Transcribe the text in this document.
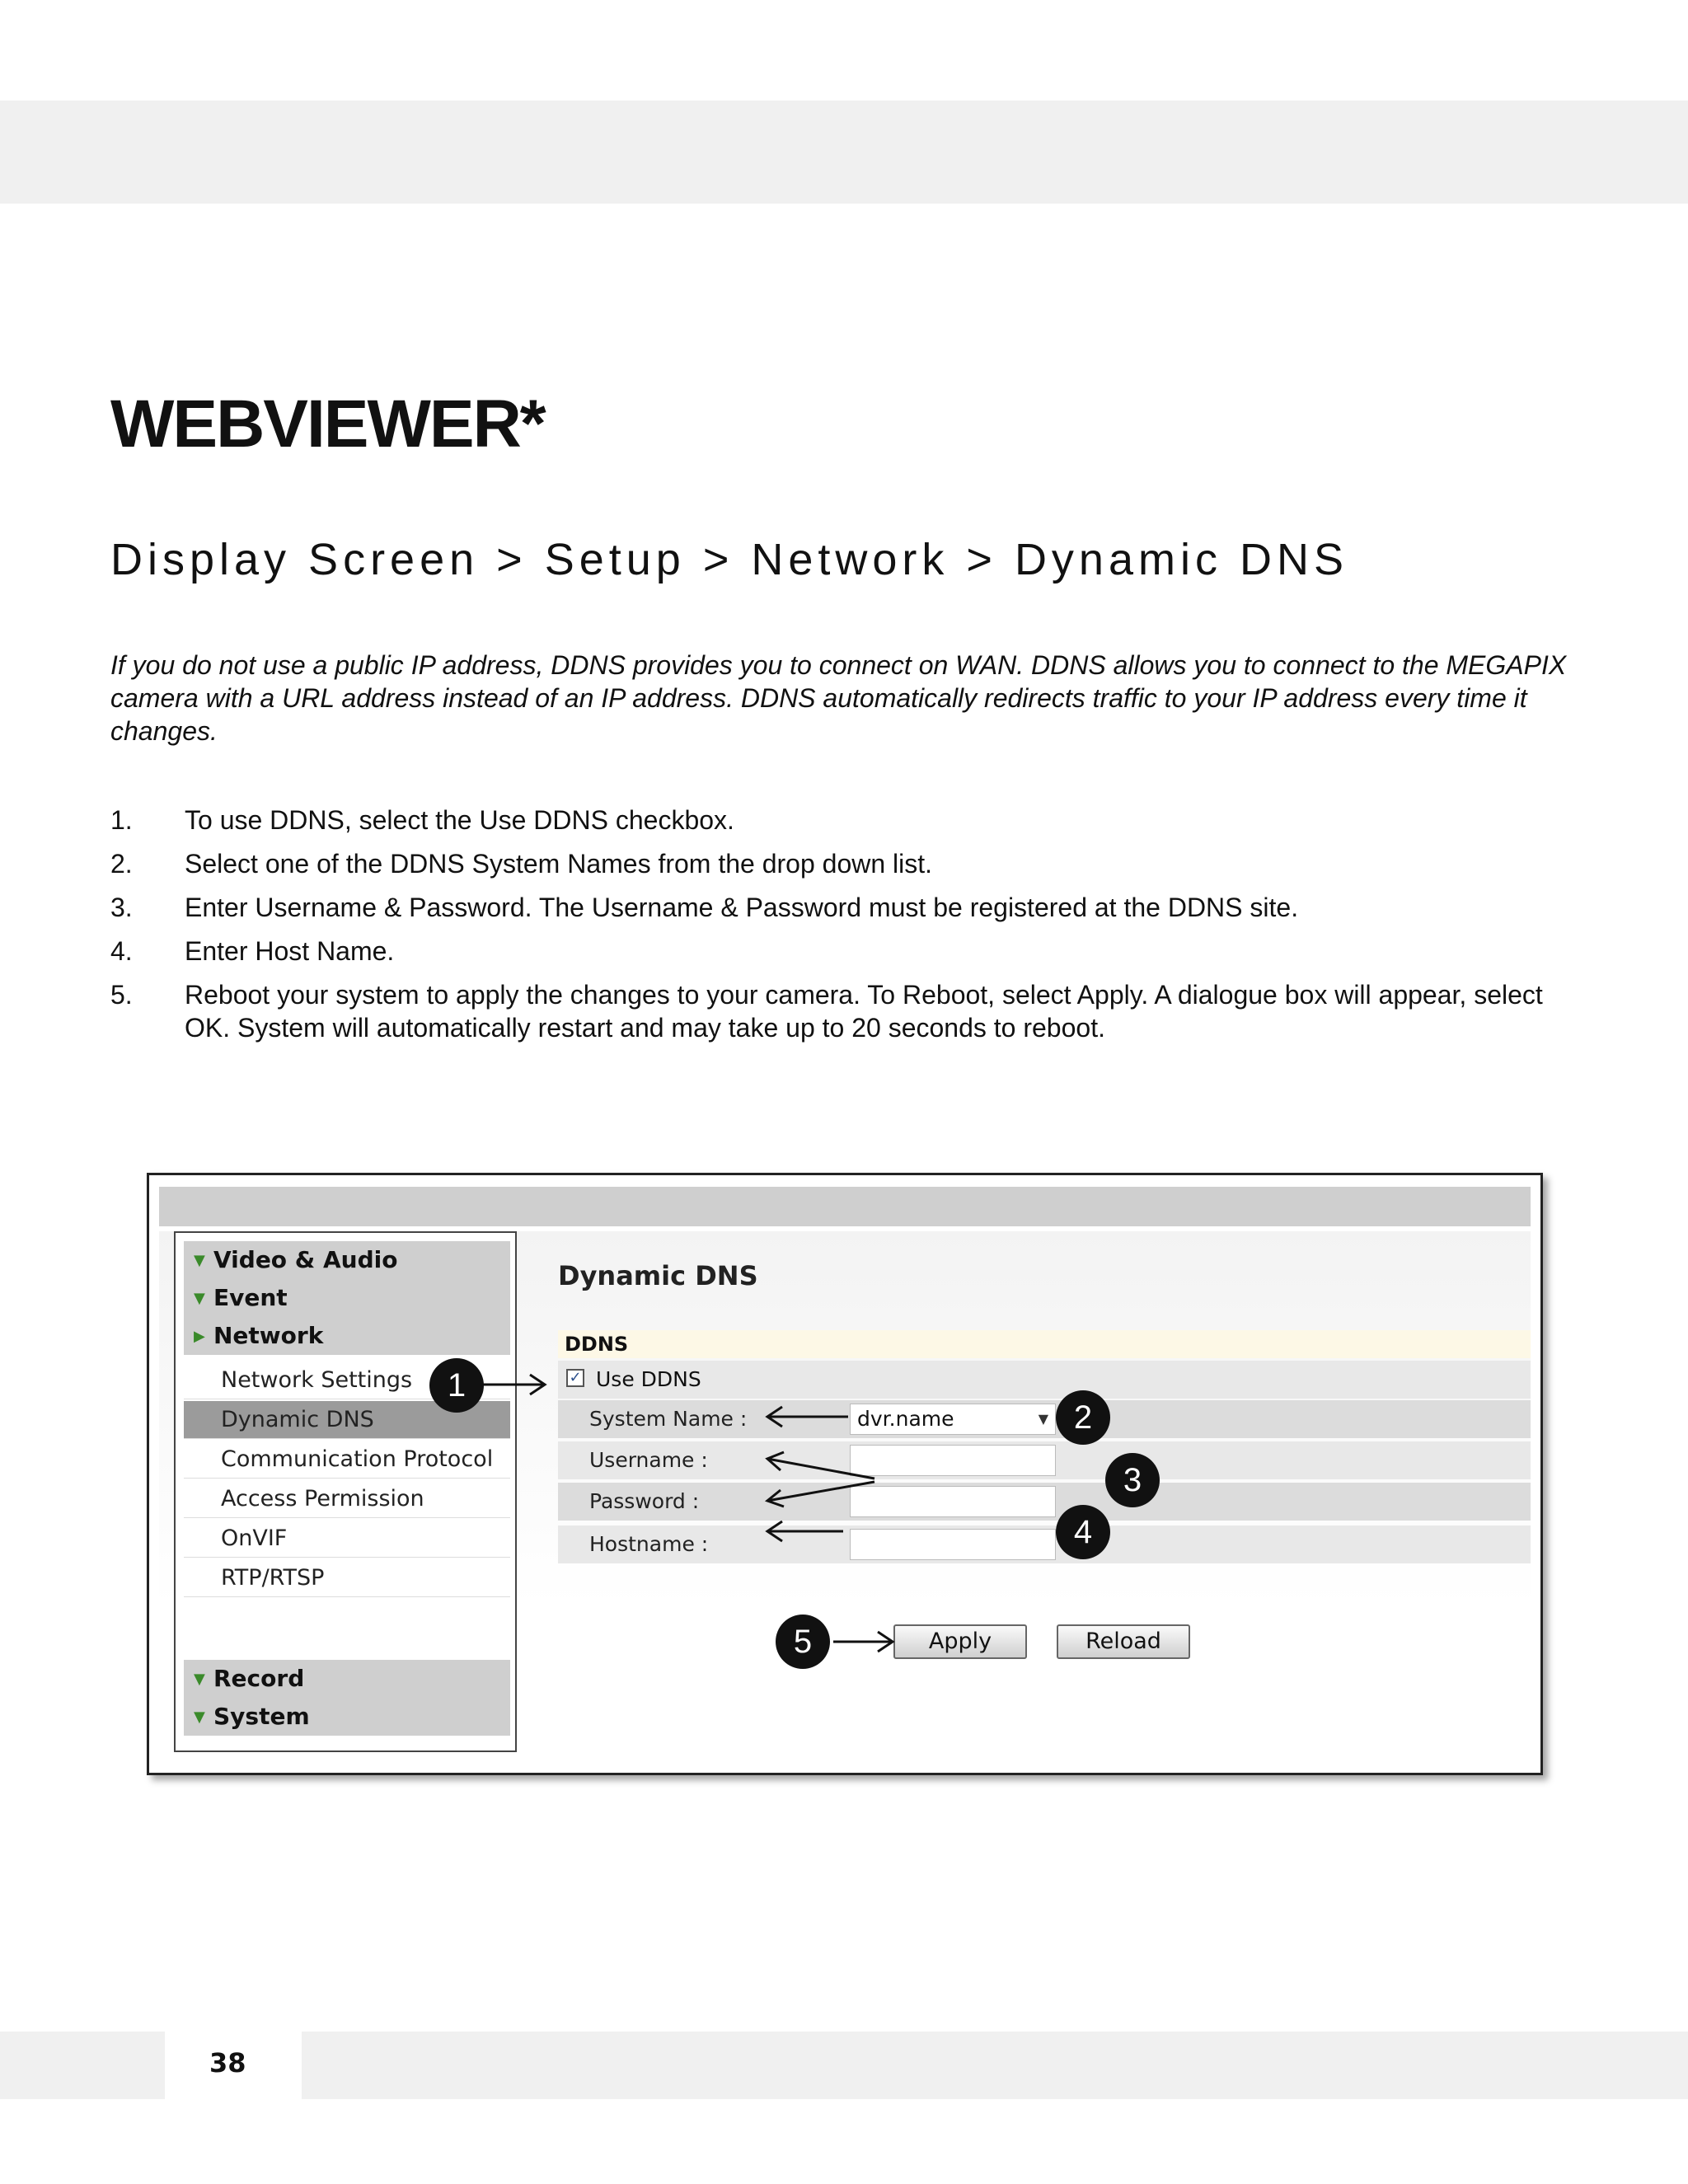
WEBVIEWER*
Display Screen > Setup > Network > Dynamic DNS

If you do not use a public IP address, DDNS provides you to connect on WAN. DDNS allows you to connect to the MEGAPIX camera with a URL address instead of an IP address. DDNS automatically redirects traffic to your IP address every time it changes.

1. To use DDNS, select the Use DDNS checkbox.
2. Select one of the DDNS System Names from the drop down list.
3. Enter Username & Password. The Username & Password must be registered at the DDNS site.
4. Enter Host Name.
5. Reboot your system to apply the changes to your camera. To Reboot, select Apply. A dialogue box will appear, select OK. System will automatically restart and may take up to 20 seconds to reboot.
▼ Video & Audio
▼ Event
▶ Network
Network Settings
Dynamic DNS
Communication Protocol
Access Permission
OnVIF
RTP/RTSP
▼ Record
▼ System
Dynamic DNS
DDNS
✓ Use DDNS
System Name :	dvr.name	▼
Username :
Password :
Hostname :
Apply	Reload
1
2
3
4
5
38
